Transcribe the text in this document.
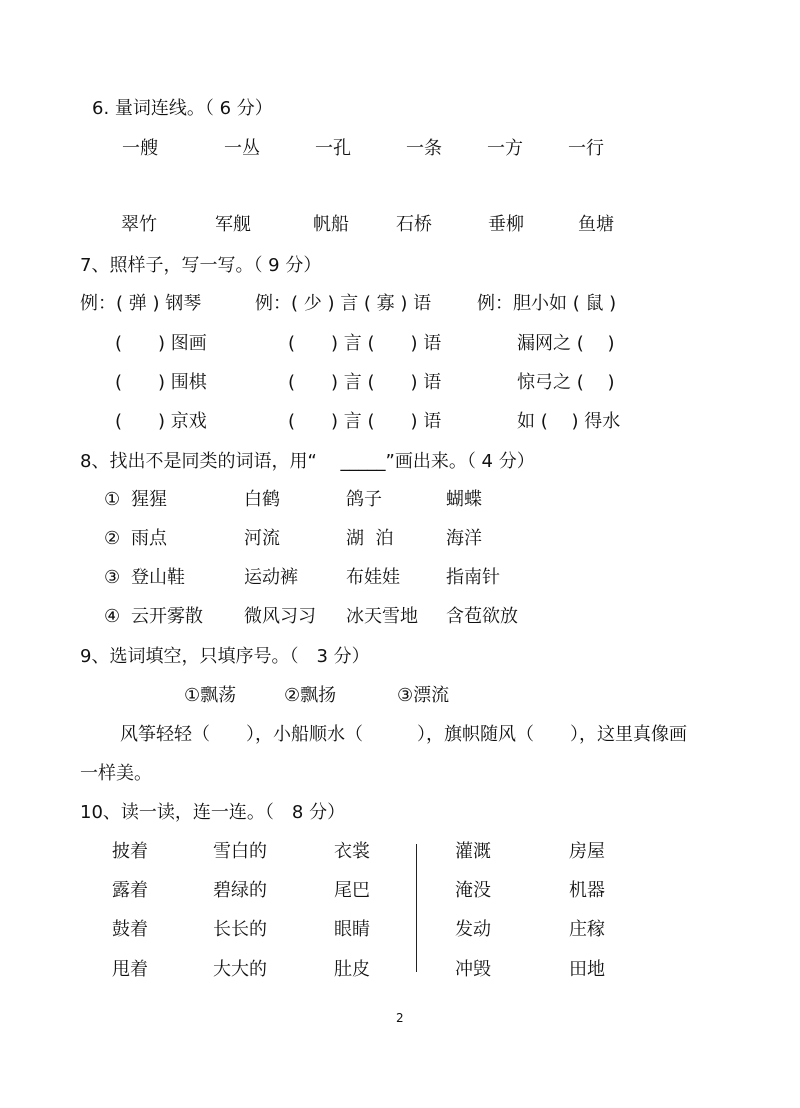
6. 量词连线。（ 6 分）
一艘	一丛	一孔	一条	一方	一行
翠竹	军舰	帆船	石桥	垂柳	鱼塘
7、照样子，写一写。（ 9 分）
例：( 弹 ) 钢琴	例：( 少 ) 言 ( 寡 ) 语	例：胆小如 ( 鼠 )
(　　) 图画	(　　) 言 (　　) 语	漏网之 (　 )
(　　) 围棋	(　　) 言 (　　) 语	惊弓之 (　 )
(　　) 京戏	(　　) 言 (　　) 语	如 (　 ) 得水
8、找出不是同类的词语，用“　 _____”画出来。（ 4 分）
① 猩猩	白鹤	鸽子	蝴蝶
② 雨点	河流	湖  泊	海洋
③ 登山鞋	运动裤	布娃娃	指南针
④ 云开雾散 微风习习 冰天雪地 含苞欲放
9、选词填空，只填序号。（　3 分）
①飘荡	②飘扬	③漂流
风筝轻轻（　　），小船顺水（　　　），旗帜随风（　　），这里真像画
一样美。
10、读一读，连一连。（　8 分）
披着	雪白的	衣裳	灌溉	房屋
露着	碧绿的	尾巴	淹没	机器
鼓着	长长的	眼睛	发动	庄稼
甩着	大大的	肚皮	冲毁	田地
2
